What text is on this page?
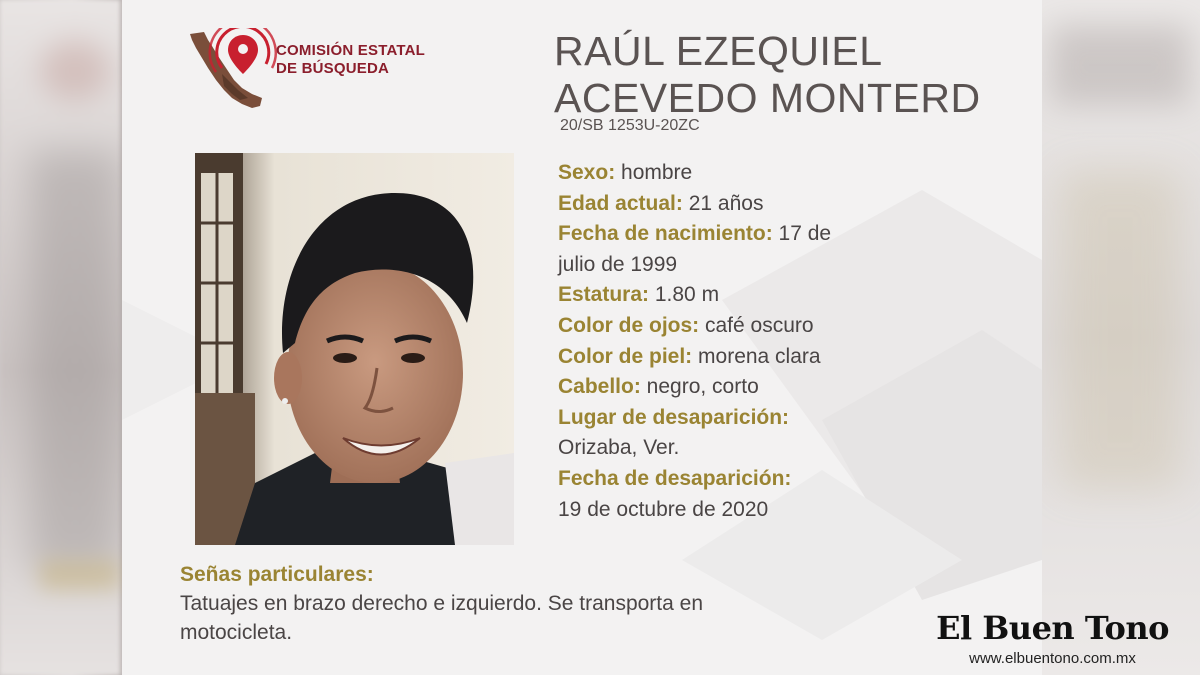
COMISIÓN ESTATAL
DE BÚSQUEDA	RAÚL EZEQUIEL
ACEVEDO MONTERD
20/SB 1253U-20ZC
Sexo: hombre
Edad actual: 21 años
Fecha de nacimiento: 17 de
julio de 1999
Estatura: 1.80 m
Color de ojos: café oscuro
Color de piel: morena clara
Cabello: negro, corto
Lugar de desaparición:
Orizaba, Ver.
Fecha de desaparición:
19 de octubre de 2020
Señas particulares:
Tatuajes en brazo derecho e izquierdo. Se transporta en
motocicleta.	El Buen Tono
www.elbuentono.com.mx
